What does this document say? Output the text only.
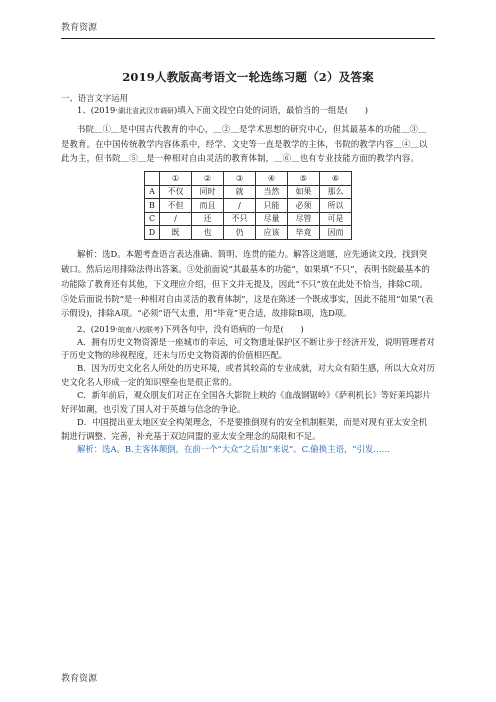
教育资源
2019人教版高考语文一轮选练习题（2）及答案
一、语言文字运用
1、(2019·湖北省武汉市调研)填入下面文段空白处的词语，最恰当的一组是(　　)
书院＿①＿是中国古代教育的中心，＿②＿是学术思想的研究中心，但其最基本的功能＿③＿是教育。在中国传统教学内容体系中，经学、文史等一直是教学的主体，书院的教学内容＿④＿以此为主，但书院＿⑤＿是一种相对自由灵活的教育体制，＿⑥＿也有专业技能方面的教学内容。
	①	②	③	④	⑤	⑥
A	不仅	同时	就	当然	如果	那么
B	不但	而且	/	只能	必须	所以
C	/	还	不只	尽量	尽管	可是
D	既	也	仍	应该	毕竟	因而
解析：选D。本题考查语言表达准确、简明、连贯的能力。解答这道题，应先通读文段，找到突破口。然后运用排除法得出答案。③处前面说“其最基本的功能”，如果填“不只”，表明书院最基本的功能除了教育还有其他，下文理应介绍，但下文并无提及，因此“不只”放在此处不恰当，排除C项。⑤处后面说书院“是一种相对自由灵活的教育体制”，这是在陈述一个既成事实，因此不能用“如果”(表示假设)，排除A项。“必须”语气太重，用“毕竟”更合适，故排除B项，选D项。
2、(2019·皖南八校联考)下列各句中，没有语病的一句是(　　)
A．拥有历史文物资源是一座城市的幸运，可文物遗址保护区不断让步于经济开发，说明管理者对于历史文物的珍视程度，还未与历史文物资源的价值相匹配。
B．因为历史文化名人所处的历史环境，或者其较高的专业成就，对大众有陌生感，所以大众对历史文化名人形成一定的知识壁垒也是很正常的。
C．新年前后，观众朋友们对正在全国各大影院上映的《血战钢锯岭》《萨利机长》等好莱坞影片好评如潮，也引发了国人对于英雄与信念的争论。
D．中国提出亚太地区安全构架理念，不是要推倒现有的安全机制框架，而是对现有亚太安全机制进行调整、完善，补充基于双边同盟的亚太安全理念的局限和不足。
解析：选A。B.主客体颠倒，在前一个“大众”之后加“来说”。C.偷换主语，“引发……
教育资源
